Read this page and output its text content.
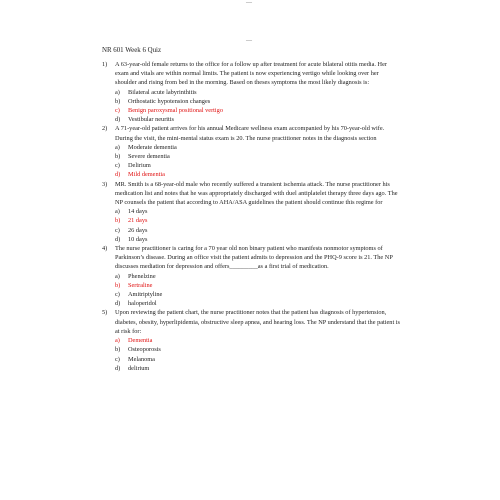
—
—
NR 601 Week 6 Quiz
1) A 63-year-old female returns to the office for a follow up after treatment for acute bilateral otitis media. Her exam and vitals are within normal limits. The patient is now experiencing vertigo while looking over her shoulder and rising from bed in the morning. Based on theses symptoms the most likely diagnosis is:
a) Bilateral acute labyrinthitis
b) Orthostatic hypotension changes
c) Benign paroxysmal positional vertigo
d) Vestibular neuritis
2) A 71-year-old patient arrives for his annual Medicare wellness exam accompanied by his 70-year-old wife. During the visit, the mini-mental status exam is 20. The nurse practitioner notes in the diagnosis section
a) Moderate dementia
b) Severe dementia
c) Delirium
d) Mild dementia
3) MR. Smith is a 68-year-old male who recently suffered a transient ischemia attack. The nurse practitioner his medication list and notes that he was appropriately discharged with duel antiplatelet therapy three days ago. The NP counsels the patient that according to AHA/ASA guidelines the patient should continue this regime for
a) 14 days
b) 21 days
c) 26 days
d) 10 days
4) The nurse practitioner is caring for a 70 year old non binary patient who manifests nonmotor symptoms of Parkinson’s disease. During an office visit the patient admits to depression and the PHQ-9 score is 21. The NP discusses mediation for depression and offers_________as a first trial of medication.
a) Phenelzine
b) Sertraline
c) Amitriptyline
d) haloperidol
5) Upon reviewing the patient chart, the nurse practitioner notes that the patient has diagnosis of hypertension, diabetes, obesity, hyperlipidemia, obstructive sleep apnea, and hearing loss. The NP understand that the patient is at risk for:
a) Dementia
b) Osteoporosis
c) Melanoma
d) delirium
